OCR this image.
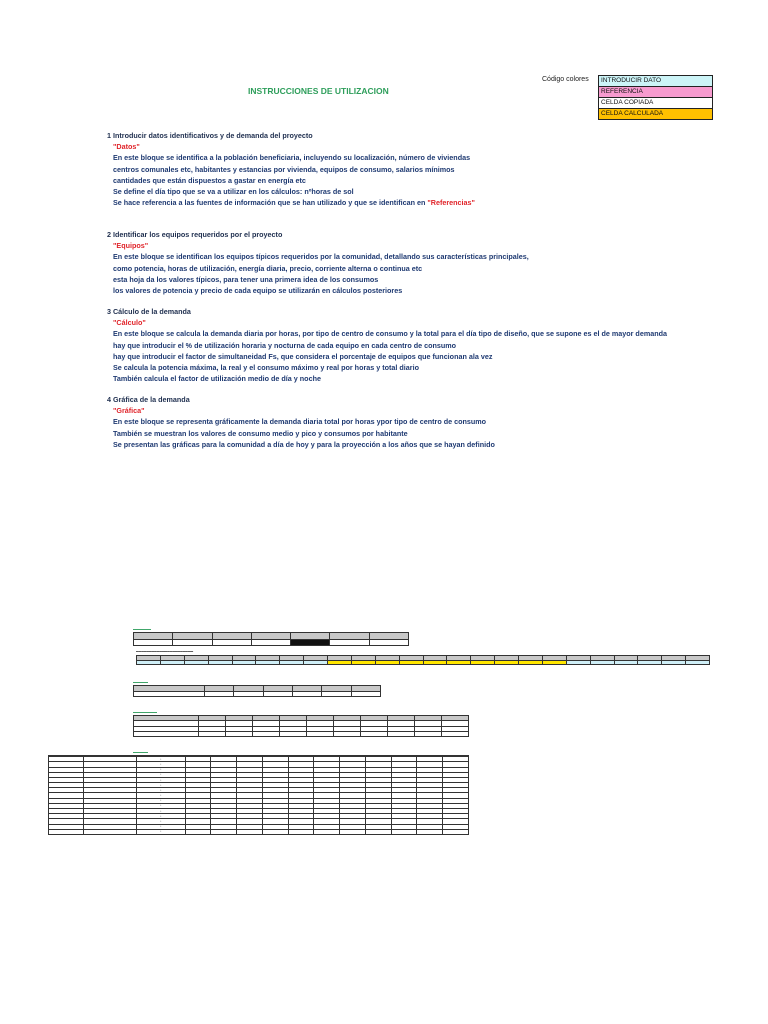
INSTRUCCIONES DE UTILIZACION
Código colores INTRODUCIR DATO
REFERENCIA
CELDA COPIADA
CELDA CALCULADA
1 Introducir datos identificativos y de demanda del proyecto
"Datos"
En este bloque se identifica a la población beneficiaria, incluyendo su localización, número de viviendas
centros comunales etc, habitantes y estancias por vivienda, equipos de consumo, salarios mínimos
cantidades que están dispuestos a gastar en energía etc
Se define el día tipo que se va a utilizar en los cálculos: nºhoras de sol
Se hace referencia a las fuentes de información que se han utilizado y que se identifican en "Referencias"
2 Identificar los equipos requeridos por el proyecto
"Equipos"
En este bloque se identifican los equipos típicos requeridos por la comunidad, detallando sus características principales,
como potencia, horas de utilización, energía diaria, precio, corriente alterna o continua etc
esta hoja da los valores típicos, para tener una primera idea de los consumos
los valores de potencia y precio de cada equipo se utilizarán en cálculos posteriores
3 Cálculo de la demanda
"Cálculo"
En este bloque se calcula la demanda diaria por horas, por tipo de centro de consumo y la total para el día tipo de diseño, que se supone es el de mayor demanda
hay que introducir el % de utilización horaria y nocturna de cada equipo en cada centro de consumo
hay que introducir el factor de simultaneidad Fs, que considera el porcentaje de equipos que funcionan ala vez
Se calcula la potencia máxima, la real y el consumo máximo y real por horas y total diario
También calcula el factor de utilización medio de día y noche
4 Gráfica de la demanda
"Gráfica"
En este bloque se representa gráficamente la demanda diaria total por horas ypor tipo de centro de consumo
También se muestran los valores de consumo medio y pico y consumos por habitante
Se presentan las gráficas para la comunidad a día de hoy y para la proyección a los años que se hayan definido
▬▬▬▬▬▬

▬▬▬▬▬▬▬▬▬▬▬▬▬▬▬▬▬▬▬▬▬▬

▬▬▬▬▬

▬▬▬▬▬▬▬▬

▬▬▬▬▬

		•											
		•											
		•											
		•											
		•											
		•											
		•											
		•											
		•											
		•											
		•											
		•											
		•											
		•											
		•											
